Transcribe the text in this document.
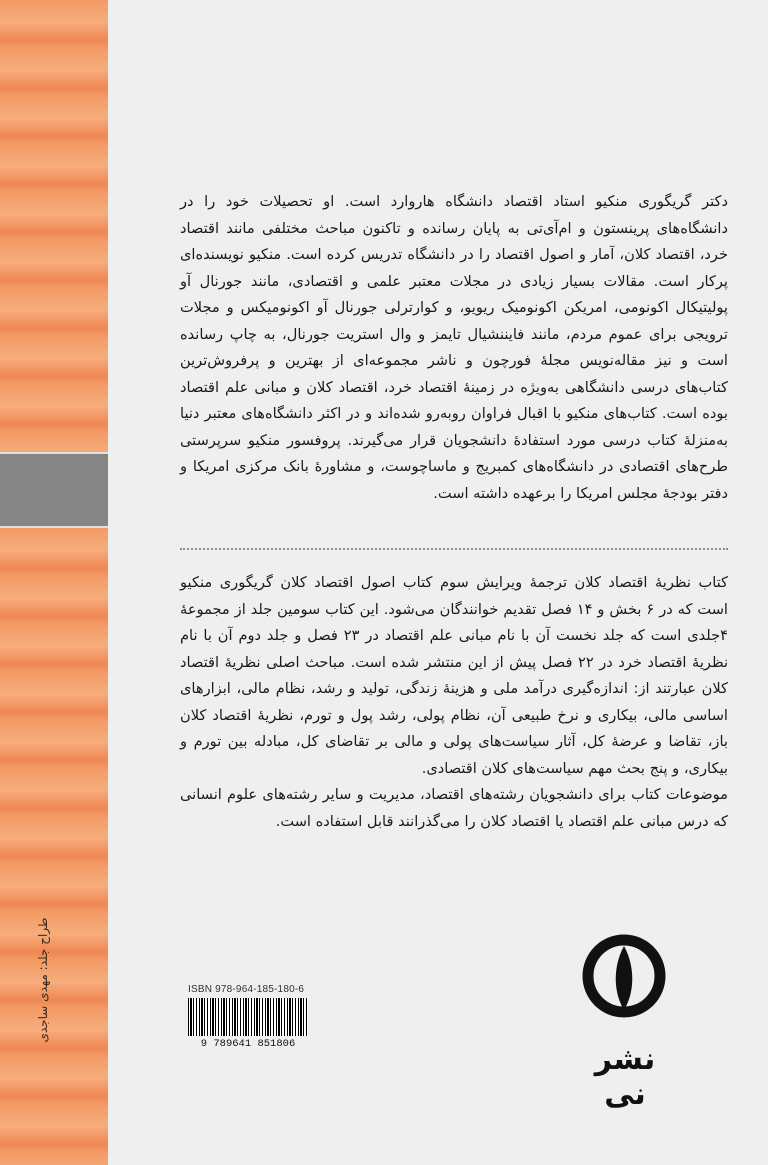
طراح جلد: مهدی ساجدی
دکتر گریگوری منکیو استاد اقتصاد دانشگاه هاروارد است. او تحصیلات خود را در دانشگاه‌های پرینستون و ام‌آی‌تی به پایان رسانده و تاکنون مباحث مختلفی مانند اقتصاد خرد، اقتصاد کلان، آمار و اصول اقتصاد را در دانشگاه تدریس کرده است. منکیو نویسنده‌ای پرکار است. مقالات بسیار زیادی در مجلات معتبر علمی و اقتصادی، مانند جورنال آو پولیتیکال اکونومی، امریکن اکونومیک ریویو، و کوارترلی جورنال آو اکونومیکس و مجلات ترویجی برای عموم مردم، مانند فایننشیال تایمز و وال استریت جورنال، به چاپ رسانده است و نیز مقاله‌نویس مجلهٔ فورچون و ناشر مجموعه‌ای از بهترین و پرفروش‌ترین کتاب‌های درسی دانشگاهی به‌ویژه در زمینهٔ اقتصاد خرد، اقتصاد کلان و مبانی علم اقتصاد بوده است. کتاب‌های منکیو با اقبال فراوان روبه‌رو شده‌اند و در اکثر دانشگاه‌های معتبر دنیا به‌منزلهٔ کتاب درسی مورد استفادهٔ دانشجویان قرار می‌گیرند. پروفسور منکیو سرپرستی طرح‌های اقتصادی در دانشگاه‌های کمبریج و ماساچوست، و مشاورهٔ بانک مرکزی امریکا و دفتر بودجهٔ مجلس امریکا را برعهده داشته است.

کتاب نظریهٔ اقتصاد کلان ترجمهٔ ویرایش سوم کتاب اصول اقتصاد کلان گریگوری منکیو است که در ۶ بخش و ۱۴ فصل تقدیم خوانندگان می‌شود. این کتاب سومین جلد از مجموعهٔ ۴جلدی است که جلد نخست آن با نام مبانی علم اقتصاد در ۲۳ فصل و جلد دوم آن با نام نظریهٔ اقتصاد خرد در ۲۲ فصل پیش از این منتشر شده است. مباحث اصلی نظریهٔ اقتصاد کلان عبارتند از: اندازه‌گیری درآمد ملی و هزینهٔ زندگی، تولید و رشد، نظام مالی، ابزارهای اساسی مالی، بیکاری و نرخ طبیعی آن، نظام پولی، رشد پول و تورم، نظریهٔ اقتصاد کلان باز، تقاضا و عرضهٔ کل، آثار سیاست‌های پولی و مالی بر تقاضای کل، مبادله بین تورم و بیکاری، و پنج بحث مهم سیاست‌های کلان اقتصادی.

موضوعات کتاب برای دانشجویان رشته‌های اقتصاد، مدیریت و سایر رشته‌های علوم انسانی که درس مبانی علم اقتصاد یا اقتصاد کلان را می‌گذرانند قابل استفاده است.

ISBN 978-964-185-180-6
9 789641 851806	نشر نی
